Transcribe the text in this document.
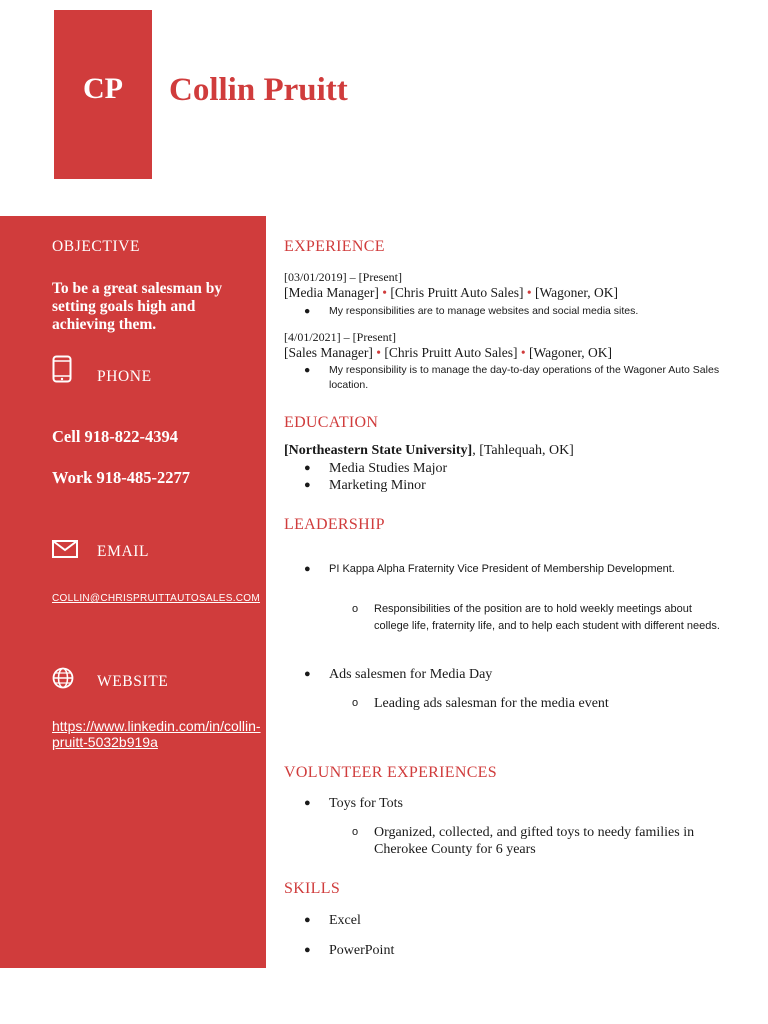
CP	Collin Pruitt
OBJECTIVE
To be a great salesman by setting goals high and achieving them.
PHONE
Cell 918-822-4394
Work 918-485-2277
EMAIL
COLLIN@CHRISPRUITTAUTOSALES.COM
WEBSITE
https://www.linkedin.com/in/collin-pruitt-5032b919a
EXPERIENCE
[03/01/2019] – [Present]
[Media Manager] • [Chris Pruitt Auto Sales] • [Wagoner, OK]
● My responsibilities are to manage websites and social media sites.
[4/01/2021] – [Present]
[Sales Manager] • [Chris Pruitt Auto Sales] • [Wagoner, OK]
● My responsibility is to manage the day-to-day operations of the Wagoner Auto Sales location.
EDUCATION
[Northeastern State University], [Tahlequah, OK]
● Media Studies Major
● Marketing Minor
LEADERSHIP
● PI Kappa Alpha Fraternity Vice President of Membership Development.
o Responsibilities of the position are to hold weekly meetings about college life, fraternity life, and to help each student with different needs.
● Ads salesmen for Media Day
o Leading ads salesman for the media event
VOLUNTEER EXPERIENCES
● Toys for Tots
o Organized, collected, and gifted toys to needy families in Cherokee County for 6 years
SKILLS
● Excel
● PowerPoint
